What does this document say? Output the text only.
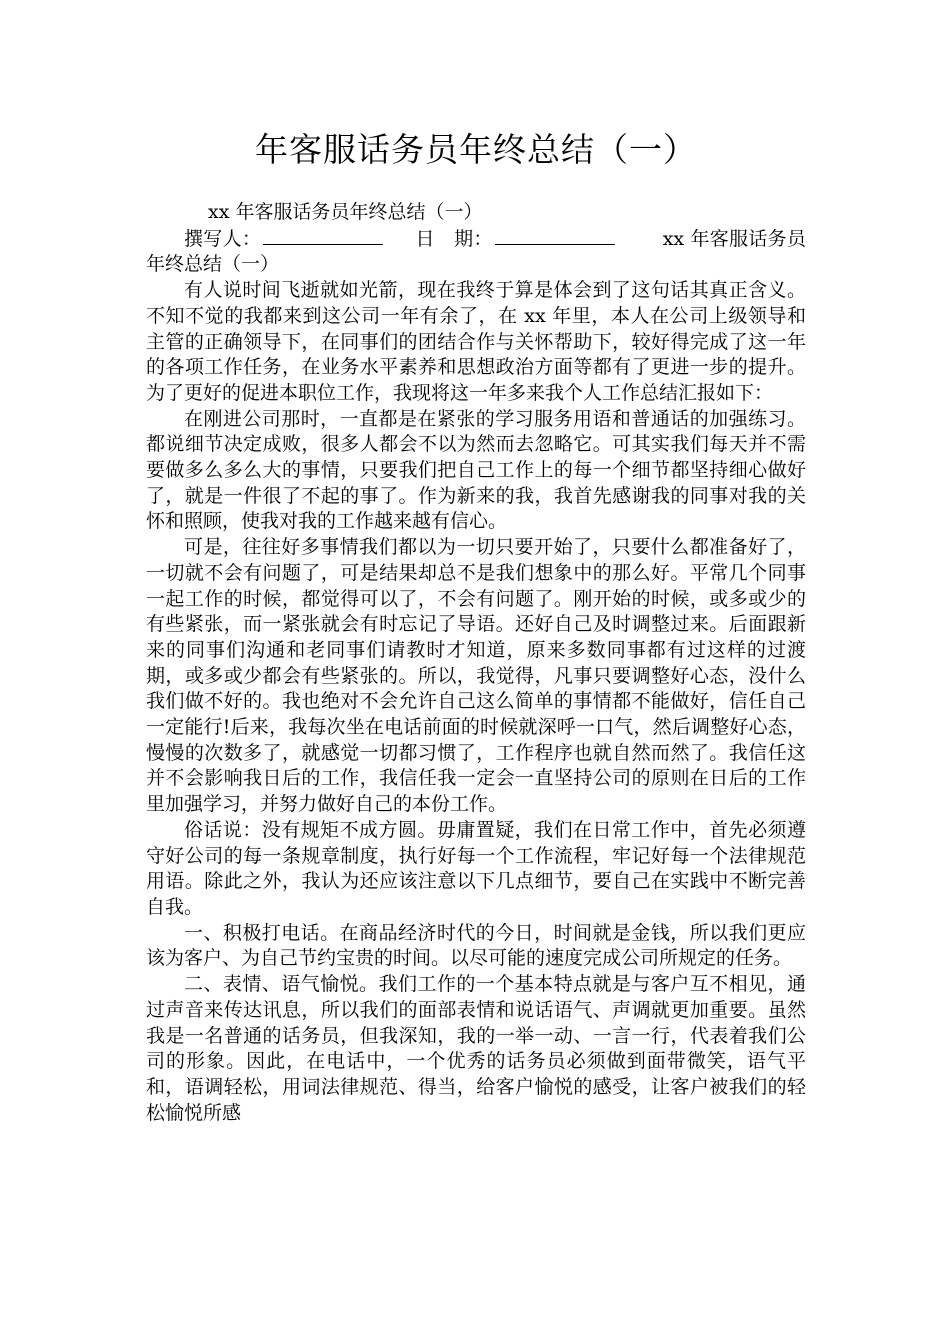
年客服话务员年终总结（一）
xx 年客服话务员年终总结（一）
撰写人：	日　期：	xx 年客服话务员年终总结（一）

有人说时间飞逝就如光箭，现在我终于算是体会到了这句话其真正含义。不知不觉的我都来到这公司一年有余了，在 xx 年里，本人在公司上级领导和主管的正确领导下，在同事们的团结合作与关怀帮助下，较好得完成了这一年的各项工作任务，在业务水平素养和思想政治方面等都有了更进一步的提升。为了更好的促进本职位工作，我现将这一年多来我个人工作总结汇报如下：

在刚进公司那时，一直都是在紧张的学习服务用语和普通话的加强练习。都说细节决定成败，很多人都会不以为然而去忽略它。可其实我们每天并不需要做多么多么大的事情，只要我们把自己工作上的每一个细节都坚持细心做好了，就是一件很了不起的事了。作为新来的我，我首先感谢我的同事对我的关怀和照顾，使我对我的工作越来越有信心。

可是，往往好多事情我们都以为一切只要开始了，只要什么都准备好了，一切就不会有问题了，可是结果却总不是我们想象中的那么好。平常几个同事一起工作的时候，都觉得可以了，不会有问题了。刚开始的时候，或多或少的有些紧张，而一紧张就会有时忘记了导语。还好自己及时调整过来。后面跟新来的同事们沟通和老同事们请教时才知道，原来多数同事都有过这样的过渡期，或多或少都会有些紧张的。所以，我觉得，凡事只要调整好心态，没什么我们做不好的。我也绝对不会允许自己这么简单的事情都不能做好，信任自己一定能行!后来，我每次坐在电话前面的时候就深呼一口气，然后调整好心态，慢慢的次数多了，就感觉一切都习惯了，工作程序也就自然而然了。我信任这并不会影响我日后的工作，我信任我一定会一直坚持公司的原则在日后的工作里加强学习，并努力做好自己的本份工作。

俗话说：没有规矩不成方圆。毋庸置疑，我们在日常工作中，首先必须遵守好公司的每一条规章制度，执行好每一个工作流程，牢记好每一个法律规范用语。除此之外，我认为还应该注意以下几点细节，要自己在实践中不断完善自我。

一、积极打电话。在商品经济时代的今日，时间就是金钱，所以我们更应该为客户、为自己节约宝贵的时间。以尽可能的速度完成公司所规定的任务。

二、表情、语气愉悦。我们工作的一个基本特点就是与客户互不相见，通过声音来传达讯息，所以我们的面部表情和说话语气、声调就更加重要。虽然我是一名普通的话务员，但我深知，我的一举一动、一言一行，代表着我们公司的形象。因此，在电话中，一个优秀的话务员必须做到面带微笑，语气平和，语调轻松，用词法律规范、得当，给客户愉悦的感受，让客户被我们的轻松愉悦所感
